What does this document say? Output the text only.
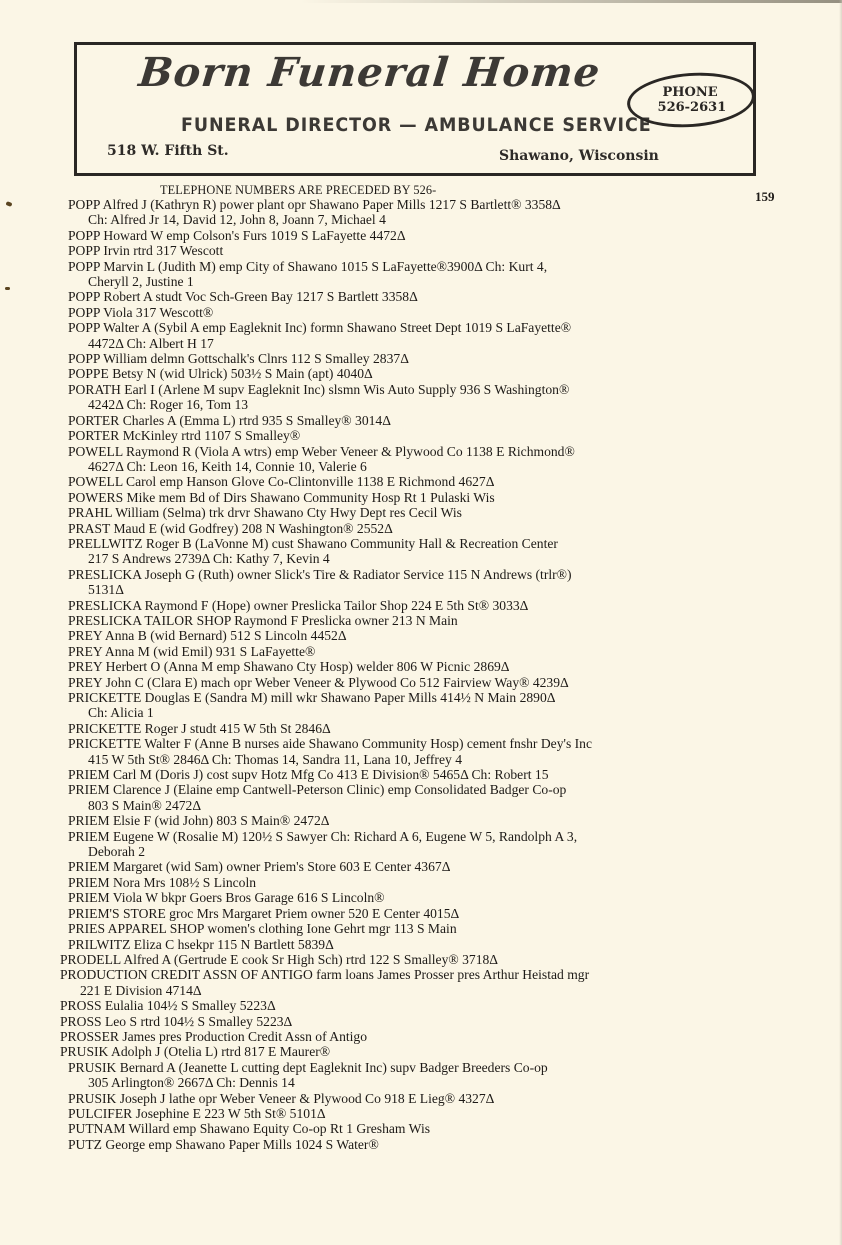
Born Funeral Home
FUNERAL DIRECTOR — AMBULANCE SERVICE
518 W. Fifth St.	Shawano, Wisconsin
PHONE
526-2631
TELEPHONE NUMBERS ARE PRECEDED BY 526-	159
POPP Alfred J (Kathryn R) power plant opr Shawano Paper Mills 1217 S Bartlett® 3358Δ
Ch: Alfred Jr 14, David 12, John 8, Joann 7, Michael 4
POPP Howard W emp Colson's Furs 1019 S LaFayette 4472Δ
POPP Irvin rtrd 317 Wescott
POPP Marvin L (Judith M) emp City of Shawano 1015 S LaFayette®3900Δ Ch: Kurt 4,
Cheryll 2, Justine 1
POPP Robert A studt Voc Sch-Green Bay 1217 S Bartlett 3358Δ
POPP Viola 317 Wescott®
POPP Walter A (Sybil A emp Eagleknit Inc) formn Shawano Street Dept 1019 S LaFayette®
4472Δ Ch: Albert H 17
POPP William delmn Gottschalk's Clnrs 112 S Smalley 2837Δ
POPPE Betsy N (wid Ulrick) 503½ S Main (apt) 4040Δ
PORATH Earl I (Arlene M supv Eagleknit Inc) slsmn Wis Auto Supply 936 S Washington®
4242Δ Ch: Roger 16, Tom 13
PORTER Charles A (Emma L) rtrd 935 S Smalley® 3014Δ
PORTER McKinley rtrd 1107 S Smalley®
POWELL Raymond R (Viola A wtrs) emp Weber Veneer & Plywood Co 1138 E Richmond®
4627Δ Ch: Leon 16, Keith 14, Connie 10, Valerie 6
POWELL Carol emp Hanson Glove Co-Clintonville 1138 E Richmond 4627Δ
POWERS Mike mem Bd of Dirs Shawano Community Hosp Rt 1 Pulaski Wis
PRAHL William (Selma) trk drvr Shawano Cty Hwy Dept res Cecil Wis
PRAST Maud E (wid Godfrey) 208 N Washington® 2552Δ
PRELLWITZ Roger B (LaVonne M) cust Shawano Community Hall & Recreation Center
217 S Andrews 2739Δ Ch: Kathy 7, Kevin 4
PRESLICKA Joseph G (Ruth) owner Slick's Tire & Radiator Service 115 N Andrews (trlr®)
5131Δ
PRESLICKA Raymond F (Hope) owner Preslicka Tailor Shop 224 E 5th St® 3033Δ
PRESLICKA TAILOR SHOP Raymond F Preslicka owner 213 N Main
PREY Anna B (wid Bernard) 512 S Lincoln 4452Δ
PREY Anna M (wid Emil) 931 S LaFayette®
PREY Herbert O (Anna M emp Shawano Cty Hosp) welder 806 W Picnic 2869Δ
PREY John C (Clara E) mach opr Weber Veneer & Plywood Co 512 Fairview Way® 4239Δ
PRICKETTE Douglas E (Sandra M) mill wkr Shawano Paper Mills 414½ N Main 2890Δ
Ch: Alicia 1
PRICKETTE Roger J studt 415 W 5th St 2846Δ
PRICKETTE Walter F (Anne B nurses aide Shawano Community Hosp) cement fnshr Dey's Inc
415 W 5th St® 2846Δ Ch: Thomas 14, Sandra 11, Lana 10, Jeffrey 4
PRIEM Carl M (Doris J) cost supv Hotz Mfg Co 413 E Division® 5465Δ Ch: Robert 15
PRIEM Clarence J (Elaine emp Cantwell-Peterson Clinic) emp Consolidated Badger Co-op
803 S Main® 2472Δ
PRIEM Elsie F (wid John) 803 S Main® 2472Δ
PRIEM Eugene W (Rosalie M) 120½ S Sawyer Ch: Richard A 6, Eugene W 5, Randolph A 3,
Deborah 2
PRIEM Margaret (wid Sam) owner Priem's Store 603 E Center 4367Δ
PRIEM Nora Mrs 108½ S Lincoln
PRIEM Viola W bkpr Goers Bros Garage 616 S Lincoln®
PRIEM'S STORE groc Mrs Margaret Priem owner 520 E Center 4015Δ
PRIES APPAREL SHOP women's clothing Ione Gehrt mgr 113 S Main
PRILWITZ Eliza C hsekpr 115 N Bartlett 5839Δ
PRODELL Alfred A (Gertrude E cook Sr High Sch) rtrd 122 S Smalley® 3718Δ
PRODUCTION CREDIT ASSN OF ANTIGO farm loans James Prosser pres Arthur Heistad mgr
221 E Division 4714Δ
PROSS Eulalia 104½ S Smalley 5223Δ
PROSS Leo S rtrd 104½ S Smalley 5223Δ
PROSSER James pres Production Credit Assn of Antigo
PRUSIK Adolph J (Otelia L) rtrd 817 E Maurer®
PRUSIK Bernard A (Jeanette L cutting dept Eagleknit Inc) supv Badger Breeders Co-op
305 Arlington® 2667Δ Ch: Dennis 14
PRUSIK Joseph J lathe opr Weber Veneer & Plywood Co 918 E Lieg® 4327Δ
PULCIFER Josephine E 223 W 5th St® 5101Δ
PUTNAM Willard emp Shawano Equity Co-op Rt 1 Gresham Wis
PUTZ George emp Shawano Paper Mills 1024 S Water®
